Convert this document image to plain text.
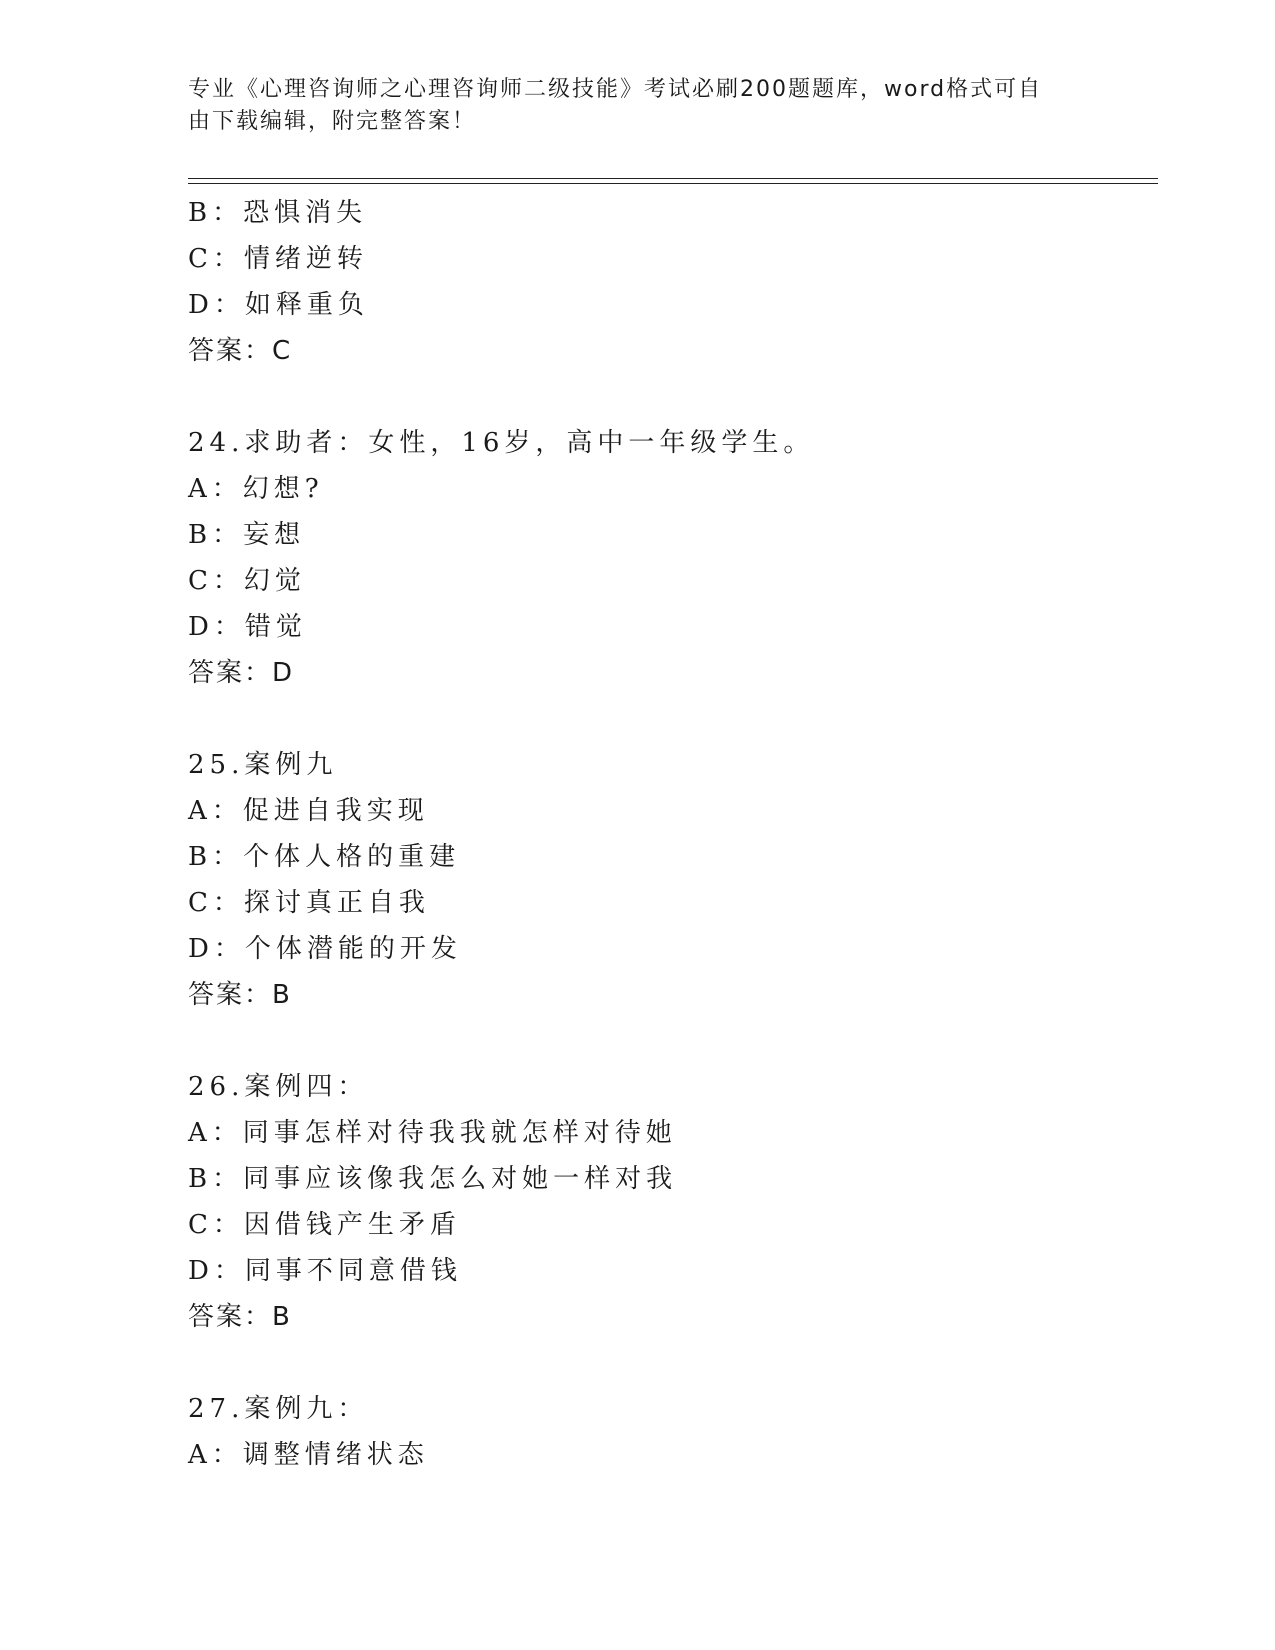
专业《心理咨询师之心理咨询师二级技能》考试必刷200题题库，word格式可自
由下载编辑，附完整答案！
B：恐惧消失
C：情绪逆转
D：如释重负
答案：C
24.求助者：女性，16岁，高中一年级学生。
A：幻想?
B：妄想
C：幻觉
D：错觉
答案：D
25.案例九
A：促进自我实现
B：个体人格的重建
C：探讨真正自我
D：个体潜能的开发
答案：B
26.案例四：
A：同事怎样对待我我就怎样对待她
B：同事应该像我怎么对她一样对我
C：因借钱产生矛盾
D：同事不同意借钱
答案：B
27.案例九：
A：调整情绪状态
